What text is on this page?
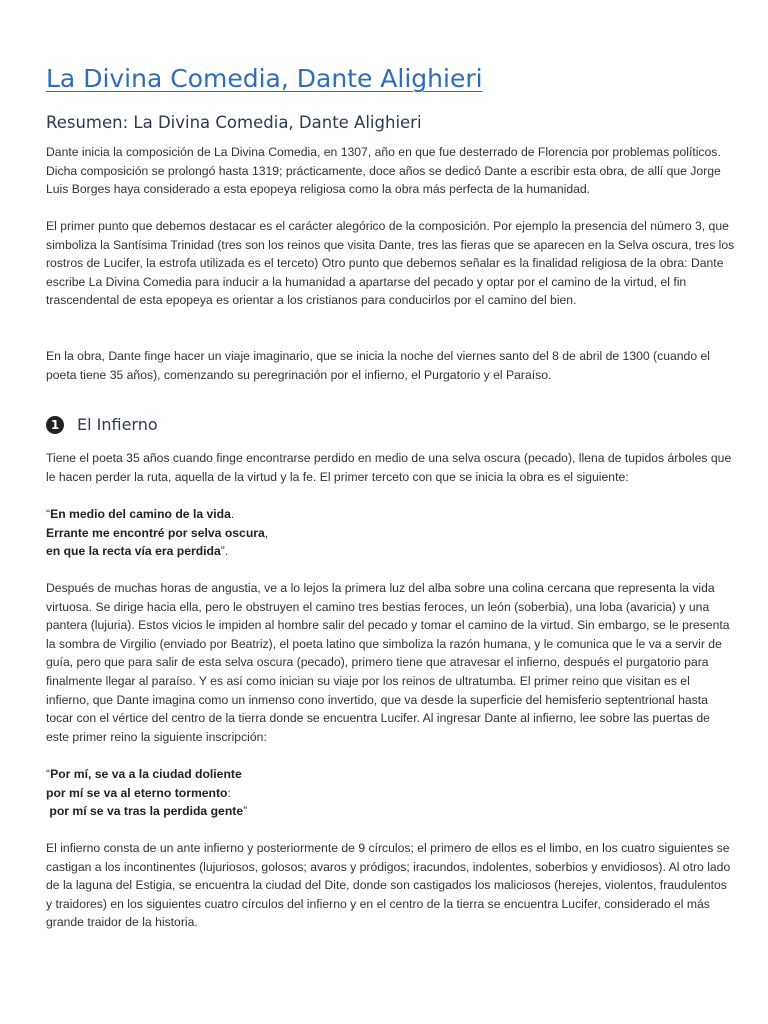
La Divina Comedia, Dante Alighieri
Resumen: La Divina Comedia, Dante Alighieri

Dante inicia la composición de La Divina Comedia, en 1307, año en que fue desterrado de Florencia por problemas políticos. Dicha composición se prolongó hasta 1319; prácticamente, doce años se dedicó Dante a escribir esta obra, de allí que Jorge Luis Borges haya considerado a esta epopeya religiosa como la obra más perfecta de la humanidad.

El primer punto que debemos destacar es el carácter alegórico de la composición. Por ejemplo la presencia del número 3, que simboliza la Santísima Trinidad (tres son los reinos que visita Dante, tres las fieras que se aparecen en la Selva oscura, tres los rostros de Lucifer, la estrofa utilizada es el terceto) Otro punto que debemos señalar es la finalidad religiosa de la obra: Dante escribe La Divina Comedia para inducir a la humanidad a apartarse del pecado y optar por el camino de la virtud, el fin trascendental de esta epopeya es orientar a los cristianos para conducirlos por el camino del bien.

En la obra, Dante finge hacer un viaje imaginario, que se inicia la noche del viernes santo del 8 de abril de 1300 (cuando el poeta tiene 35 años), comenzando su peregrinación por el infierno, el Purgatorio y el Paraíso.

1	El Infierno

Tiene el poeta 35 años cuando finge encontrarse perdido en medio de una selva oscura (pecado), llena de tupidos árboles que le hacen perder la ruta, aquella de la virtud y la fe. El primer terceto con que se inicia la obra es el siguiente:

“En medio del camino de la vida.
Errante me encontré por selva oscura,
en que la recta vía era perdida”.

Después de muchas horas de angustia, ve a lo lejos la primera luz del alba sobre una colina cercana que representa la vida virtuosa. Se dirige hacia ella, pero le obstruyen el camino tres bestias feroces, un león (soberbia), una loba (avaricia) y una pantera (lujuria). Estos vicios le impiden al hombre salir del pecado y tomar el camino de la virtud. Sin embargo, se le presenta la sombra de Virgilio (enviado por Beatriz), el poeta latino que simboliza la razón humana, y le comunica que le va a servir de guía, pero que para salir de esta selva oscura (pecado), primero tiene que atravesar el infierno, después el purgatorio para finalmente llegar al paraíso. Y es así como inician su viaje por los reinos de ultratumba. El primer reino que visitan es el infierno, que Dante imagina como un inmenso cono invertido, que va desde la superficie del hemisferio septentrional hasta tocar con el vértice del centro de la tierra donde se encuentra Lucifer. Al ingresar Dante al infierno, lee sobre las puertas de este primer reino la siguiente inscripción:

“Por mí, se va a la ciudad doliente
por mí se va al eterno tormento:
por mí se va tras la perdida gente”

El infierno consta de un ante infierno y posteriormente de 9 círculos; el primero de ellos es el limbo, en los cuatro siguientes se castigan a los incontinentes (lujuriosos, golosos; avaros y pródigos; iracundos, indolentes, soberbios y envidiosos). Al otro lado de la laguna del Estigia, se encuentra la ciudad del Dite, donde son castigados los maliciosos (herejes, violentos, fraudulentos y traidores) en los siguientes cuatro círculos del infierno y en el centro de la tierra se encuentra Lucifer, considerado el más grande traidor de la historia.
